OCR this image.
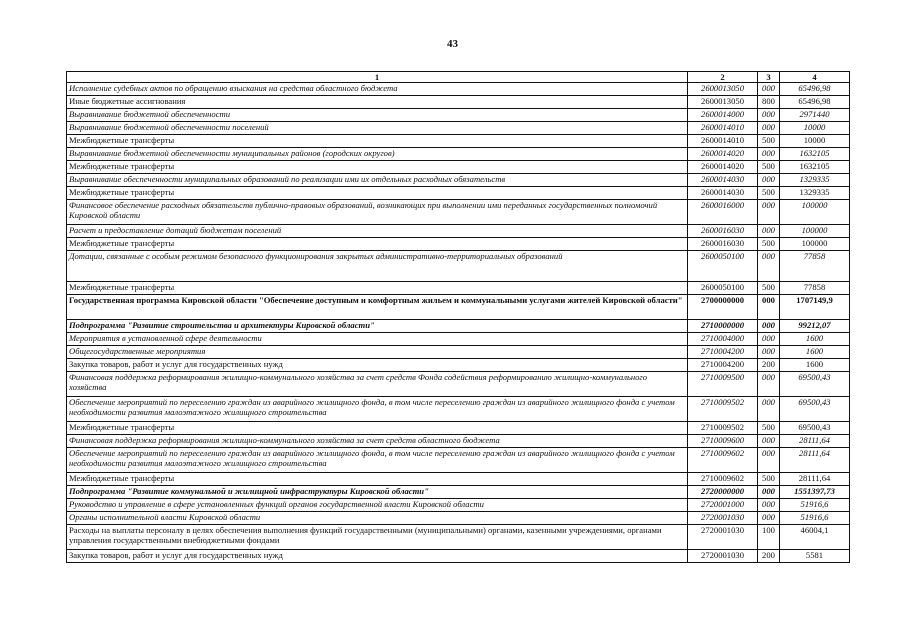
43
1	2	3	4
Исполнение судебных актов по обращению взыскания на средства областного бюджета	2600013050	000	65496,98
Иные бюджетные ассигнования	2600013050	800	65496,98
Выравнивание бюджетной обеспеченности	2600014000	000	2971440
Выравнивание бюджетной обеспеченности поселений	2600014010	000	10000
Межбюджетные трансферты	2600014010	500	10000
Выравнивание бюджетной обеспеченности муниципальных районов (городских округов)	2600014020	000	1632105
Межбюджетные трансферты	2600014020	500	1632105
Выравнивание обеспеченности муниципальных образований по реализации ими их отдельных расходных обязательств	2600014030	000	1329335
Межбюджетные трансферты	2600014030	500	1329335
Финансовое обеспечение расходных обязательств публично-правовых образований, возникающих при выполнении ими переданных государственных полномочий Кировской области	2600016000	000	100000
Расчет и предоставление дотаций бюджетам поселений	2600016030	000	100000
Межбюджетные трансферты	2600016030	500	100000
Дотации, связанные с особым режимом безопасного функционирования закрытых административно-территориальных образований	2600050100	000	77858
Межбюджетные трансферты	2600050100	500	77858
Государственная программа Кировской области "Обеспечение доступным и комфортным жильем и коммунальными услугами жителей Кировской области"	2700000000	000	1707149,9
Подпрограмма "Развитие строительства и архитектуры Кировской области"	2710000000	000	99212,07
Мероприятия в установленной сфере деятельности	2710004000	000	1600
Общегосударственные мероприятия	2710004200	000	1600
Закупка товаров, работ и услуг для государственных нужд	2710004200	200	1600
Финансовая поддержка реформирования жилищно-коммунального хозяйства за счет средств Фонда содействия реформированию жилищно-коммунального хозяйства	2710009500	000	69500,43
Обеспечение мероприятий по переселению граждан из аварийного жилищного фонда, в том числе переселению граждан из аварийного жилищного фонда с учетом необходимости развития малоэтажного жилищного строительства	2710009502	000	69500,43
Межбюджетные трансферты	2710009502	500	69500,43
Финансовая поддержка реформирования жилищно-коммунального хозяйства за счет средств областного бюджета	2710009600	000	28111,64
Обеспечение мероприятий по переселению граждан из аварийного жилищного фонда, в том числе переселению граждан из аварийного жилищного фонда с учетом необходимости развития малоэтажного жилищного строительства	2710009602	000	28111,64
Межбюджетные трансферты	2710009602	500	28111,64
Подпрограмма "Развитие коммунальной и жилищной инфраструктуры Кировской области"	2720000000	000	1551397,73
Руководство и управление в сфере установленных функций органов государственной власти Кировской области	2720001000	000	51916,6
Органы исполнительной власти Кировской области	2720001030	000	51916,6
Расходы на выплаты персоналу в целях обеспечения выполнения функций государственными (муниципальными) органами, казенными учреждениями, органами управления государственными внебюджетными фондами	2720001030	100	46004,1
Закупка товаров, работ и услуг для государственных нужд	2720001030	200	5581
